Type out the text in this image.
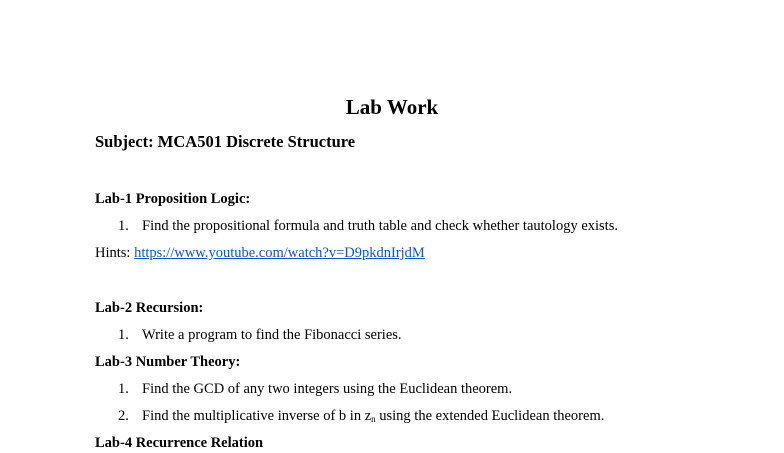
Lab Work
Subject: MCA501 Discrete Structure
Lab-1 Proposition Logic:
1. Find the propositional formula and truth table and check whether tautology exists.
Hints: https://www.youtube.com/watch?v=D9pkdnIrjdM
Lab-2 Recursion:
1. Write a program to find the Fibonacci series.
Lab-3 Number Theory:
1. Find the GCD of any two integers using the Euclidean theorem.
2. Find the multiplicative inverse of b in $z_n$ using the extended Euclidean theorem.
Lab-4 Recurrence Relation
